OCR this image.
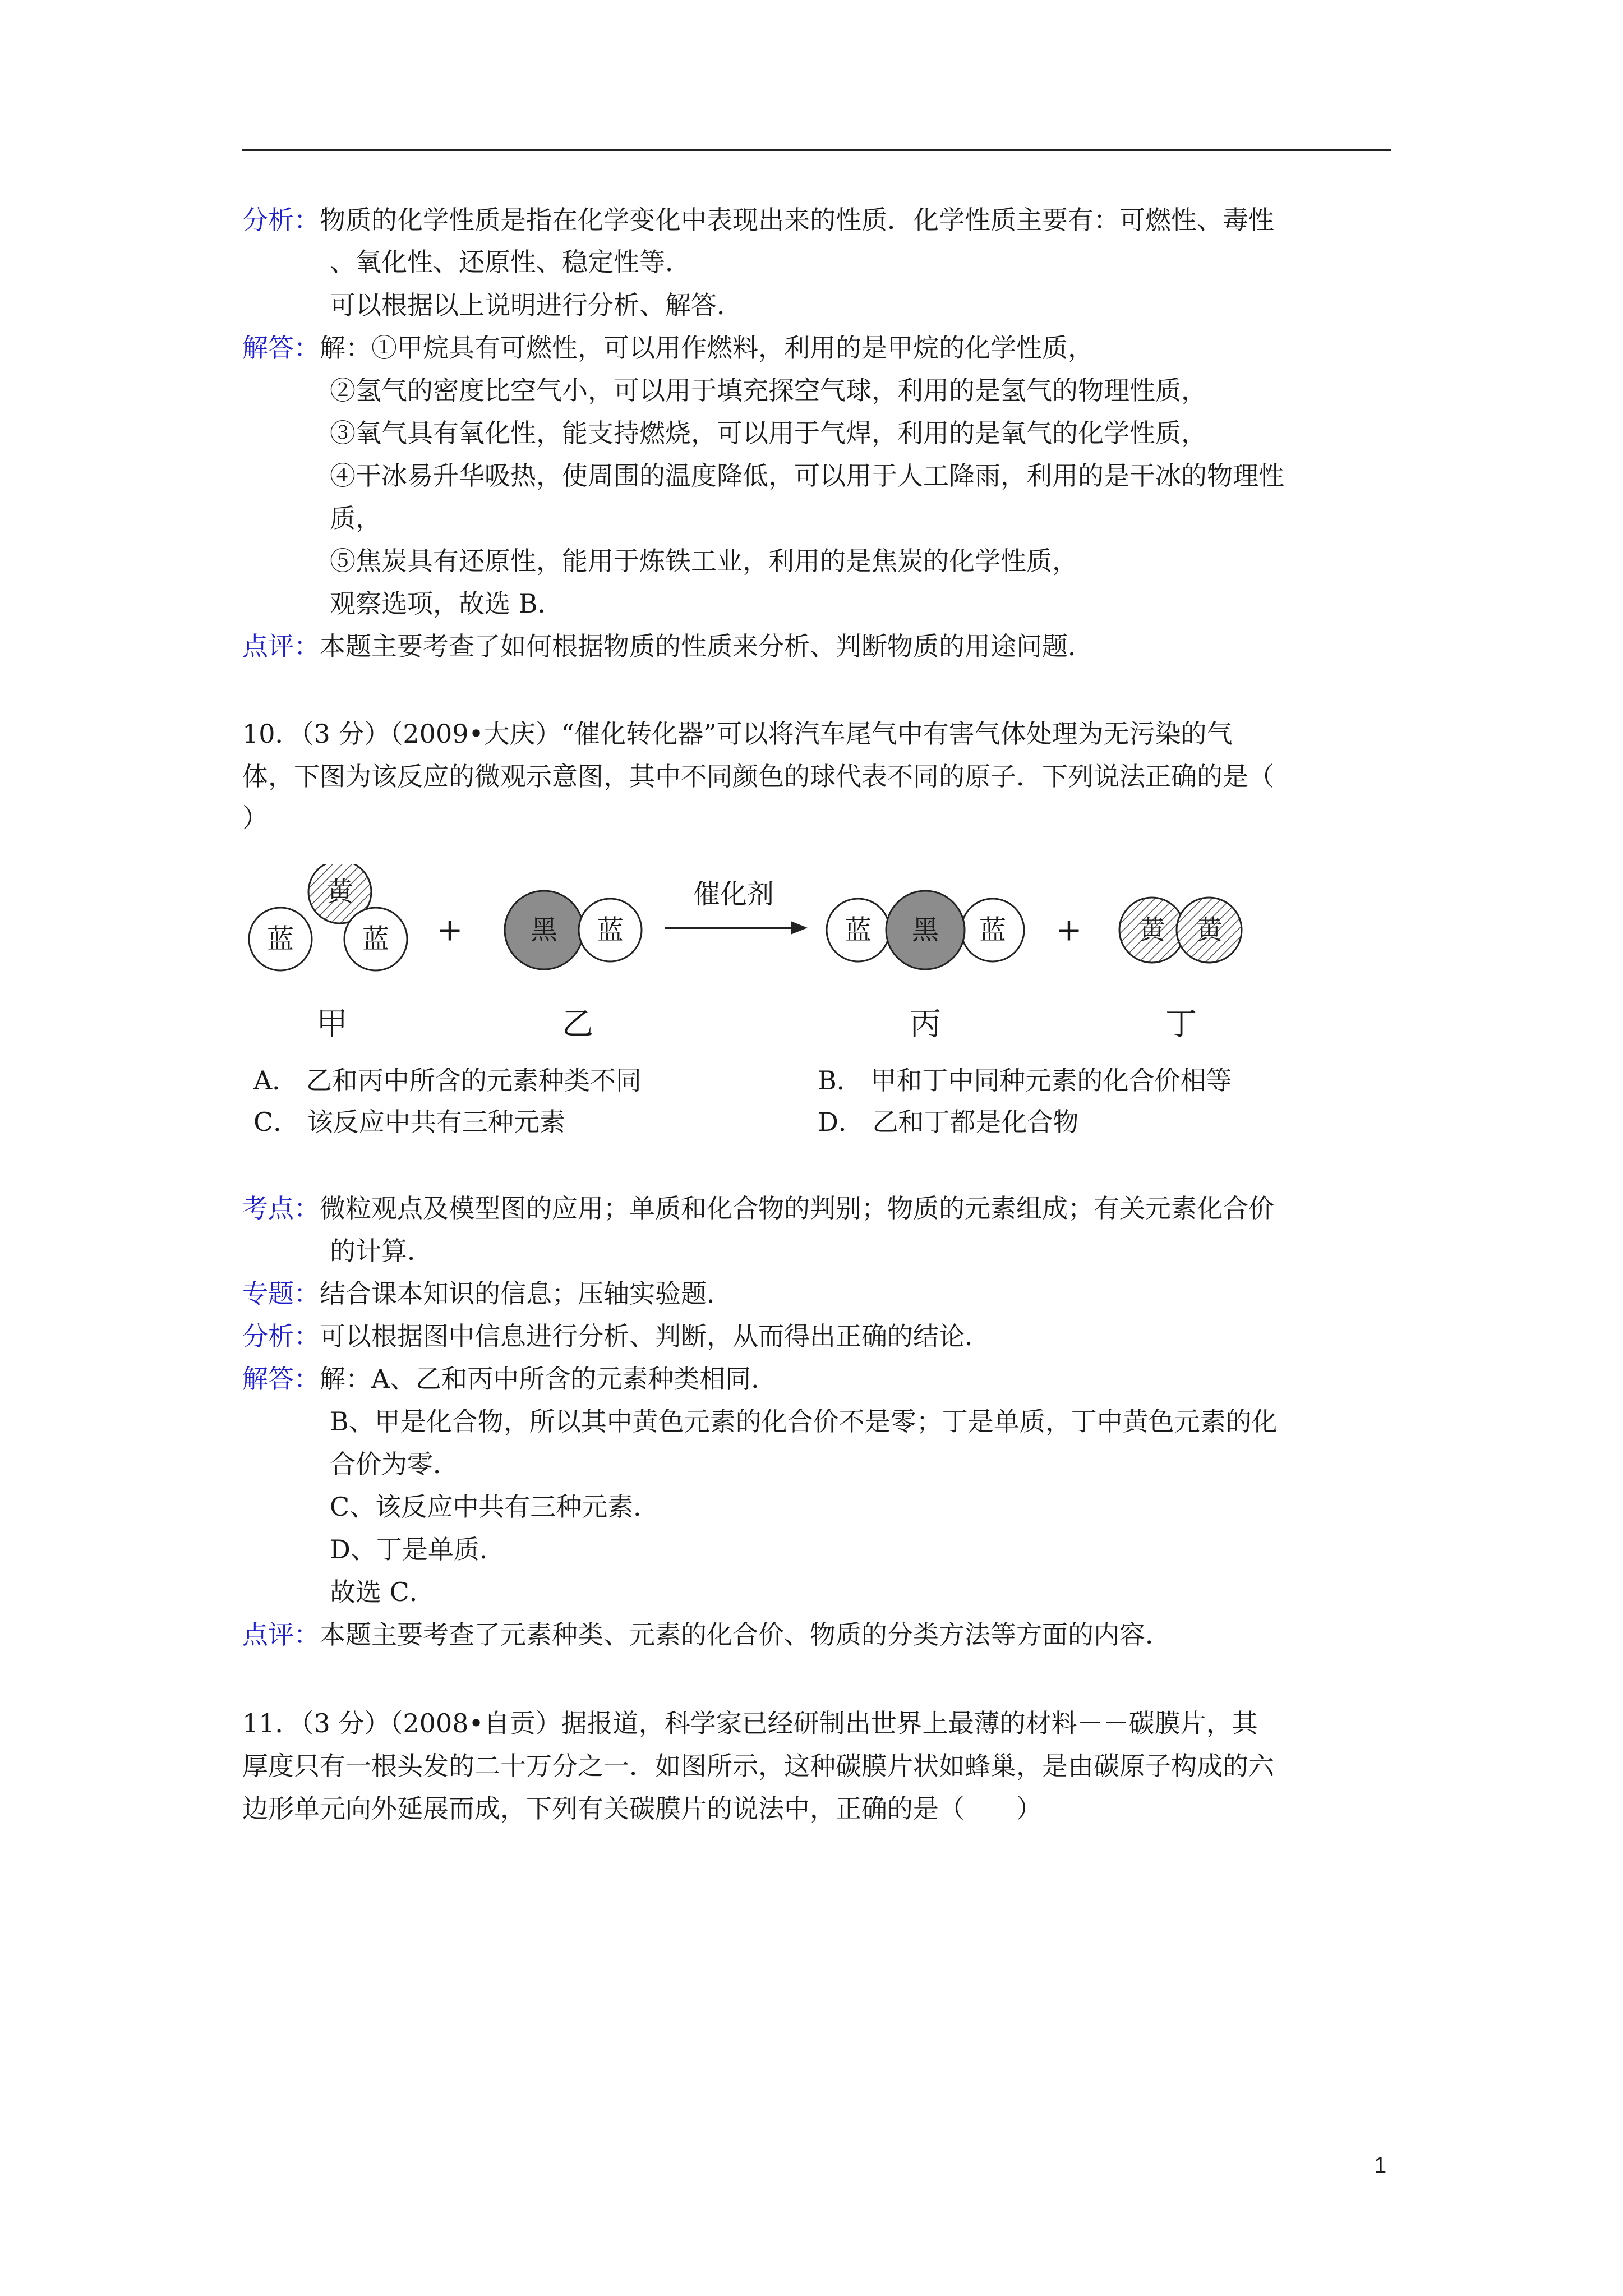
分析：物质的化学性质是指在化学变化中表现出来的性质．化学性质主要有：可燃性、毒性
、氧化性、还原性、稳定性等．
可以根据以上说明进行分析、解答．
解答：解：①甲烷具有可燃性，可以用作燃料，利用的是甲烷的化学性质，
②氢气的密度比空气小，可以用于填充探空气球，利用的是氢气的物理性质，
③氧气具有氧化性，能支持燃烧，可以用于气焊，利用的是氧气的化学性质，
④干冰易升华吸热，使周围的温度降低，可以用于人工降雨，利用的是干冰的物理性
质，
⑤焦炭具有还原性，能用于炼铁工业，利用的是焦炭的化学性质，
观察选项，故选 B．
点评：本题主要考查了如何根据物质的性质来分析、判断物质的用途问题．
10．（3 分）（2009•大庆）“催化转化器”可以将汽车尾气中有害气体处理为无污染的气
体，下图为该反应的微观示意图，其中不同颜色的球代表不同的原子．下列说法正确的是（
）
黄
蓝	蓝 +	黑 蓝
催化剂
蓝	蓝
黑	+ 黄 黄
甲	乙	丙	丁
A． 乙和丙中所含的元素种类不同	B． 甲和丁中同种元素的化合价相等
C． 该反应中共有三种元素	D． 乙和丁都是化合物
考点：微粒观点及模型图的应用；单质和化合物的判别；物质的元素组成；有关元素化合价
的计算．
专题：结合课本知识的信息；压轴实验题．
分析：可以根据图中信息进行分析、判断，从而得出正确的结论．
解答：解：A、乙和丙中所含的元素种类相同．
B、甲是化合物，所以其中黄色元素的化合价不是零；丁是单质，丁中黄色元素的化
合价为零．
C、该反应中共有三种元素．
D、丁是单质．
故选 C．
点评：本题主要考查了元素种类、元素的化合价、物质的分类方法等方面的内容．
11．（3 分）（2008•自贡）据报道，科学家已经研制出世界上最薄的材料－－碳膜片，其
厚度只有一根头发的二十万分之一．如图所示，这种碳膜片状如蜂巢，是由碳原子构成的六
边形单元向外延展而成，下列有关碳膜片的说法中，正确的是（　　）
1
